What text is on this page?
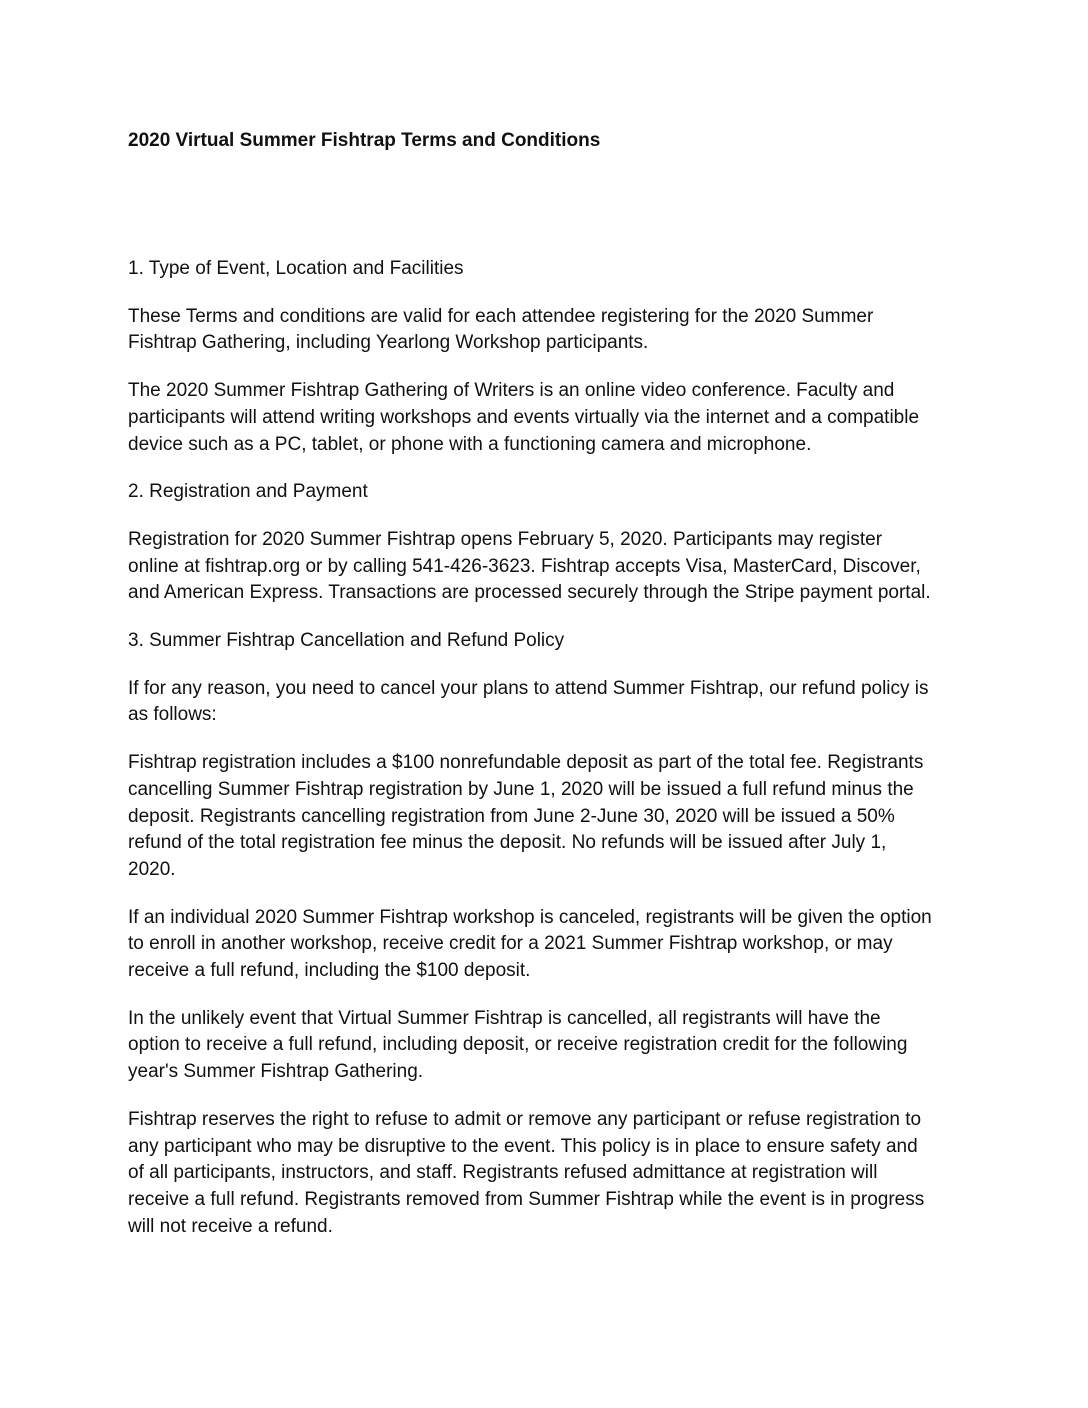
2020 Virtual Summer Fishtrap Terms and Conditions

1. Type of Event, Location and Facilities

These Terms and conditions are valid for each attendee registering for the 2020 Summer
Fishtrap Gathering, including Yearlong Workshop participants.

The 2020 Summer Fishtrap Gathering of Writers is an online video conference. Faculty and
participants will attend writing workshops and events virtually via the internet and a compatible
device such as a PC, tablet, or phone with a functioning camera and microphone.

2. Registration and Payment

Registration for 2020 Summer Fishtrap opens February 5, 2020. Participants may register
online at fishtrap.org or by calling 541-426-3623. Fishtrap accepts Visa, MasterCard, Discover,
and American Express. Transactions are processed securely through the Stripe payment portal.

3. Summer Fishtrap Cancellation and Refund Policy

If for any reason, you need to cancel your plans to attend Summer Fishtrap, our refund policy is
as follows:

Fishtrap registration includes a $100 nonrefundable deposit as part of the total fee. Registrants
cancelling Summer Fishtrap registration by June 1, 2020 will be issued a full refund minus the
deposit. Registrants cancelling registration from June 2-June 30, 2020 will be issued a 50%
refund of the total registration fee minus the deposit. No refunds will be issued after July 1,
2020.

If an individual 2020 Summer Fishtrap workshop is canceled, registrants will be given the option
to enroll in another workshop, receive credit for a 2021 Summer Fishtrap workshop, or may
receive a full refund, including the $100 deposit.

In the unlikely event that Virtual Summer Fishtrap is cancelled, all registrants will have the
option to receive a full refund, including deposit, or receive registration credit for the following
year's Summer Fishtrap Gathering.

Fishtrap reserves the right to refuse to admit or remove any participant or refuse registration to
any participant who may be disruptive to the event. This policy is in place to ensure safety and
of all participants, instructors, and staff. Registrants refused admittance at registration will
receive a full refund. Registrants removed from Summer Fishtrap while the event is in progress
will not receive a refund.
